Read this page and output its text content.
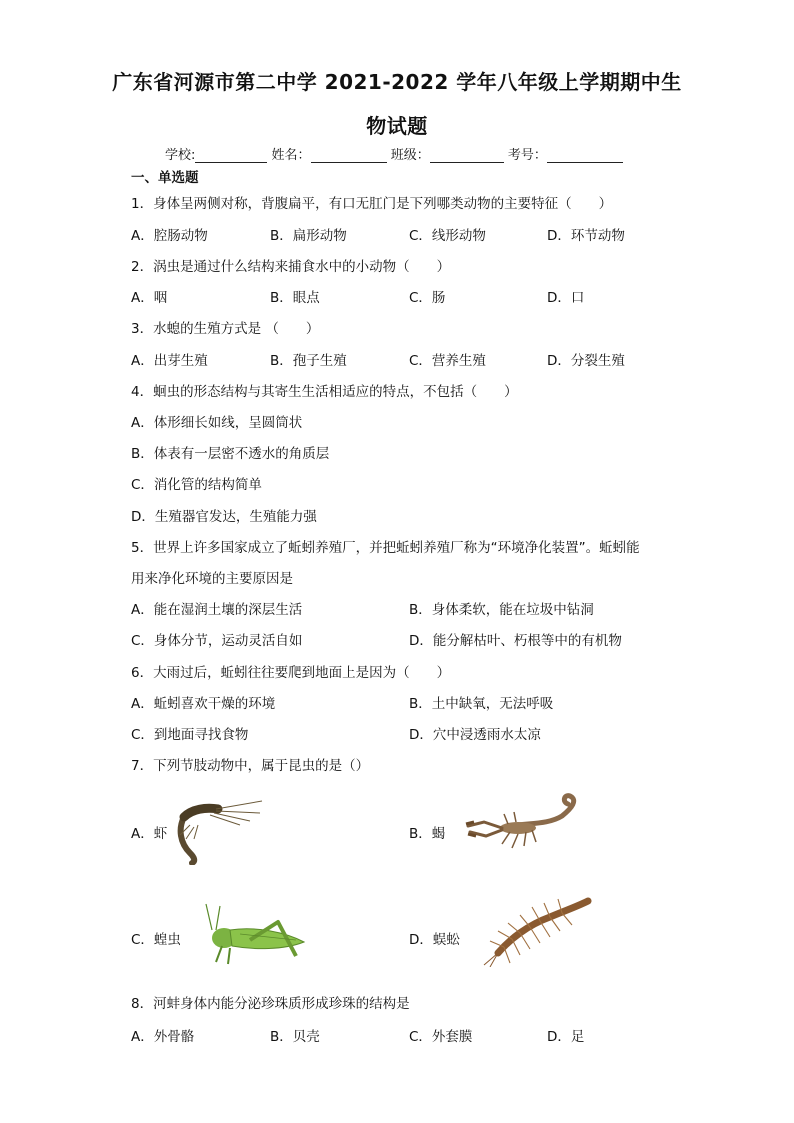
广东省河源市第二中学 2021-2022 学年八年级上学期期中生
物试题
学校:	姓名：	班级：	考号：
一、单选题
1．身体呈两侧对称，背腹扁平，有口无肛门是下列哪类动物的主要特征（　　）
A．腔肠动物	B．扁形动物	C．线形动物	D．环节动物
2．涡虫是通过什么结构来捕食水中的小动物（　　）
A．咽	B．眼点	C．肠	D．口
3．水螅的生殖方式是 （　　）
A．出芽生殖	B．孢子生殖	C．营养生殖	D．分裂生殖
4．蛔虫的形态结构与其寄生生活相适应的特点，不包括（　　）
A．体形细长如线，呈圆筒状
B．体表有一层密不透水的角质层
C．消化管的结构简单
D．生殖器官发达，生殖能力强
5．世界上许多国家成立了蚯蚓养殖厂，并把蚯蚓养殖厂称为“环境净化装置”。蚯蚓能
用来净化环境的主要原因是
A．能在湿润土壤的深层生活	B．身体柔软，能在垃圾中钻洞
C．身体分节，运动灵活自如	D．能分解枯叶、朽根等中的有机物
6．大雨过后，蚯蚓往往要爬到地面上是因为（　　）
A．蚯蚓喜欢干燥的环境	B．土中缺氧，无法呼吸
C．到地面寻找食物	D．穴中浸透雨水太凉
7．下列节肢动物中，属于昆虫的是（）
A．虾	B．蝎
C．蝗虫	D．蜈蚣
8．河蚌身体内能分泌珍珠质形成珍珠的结构是
A．外骨骼	B．贝壳	C．外套膜	D．足
